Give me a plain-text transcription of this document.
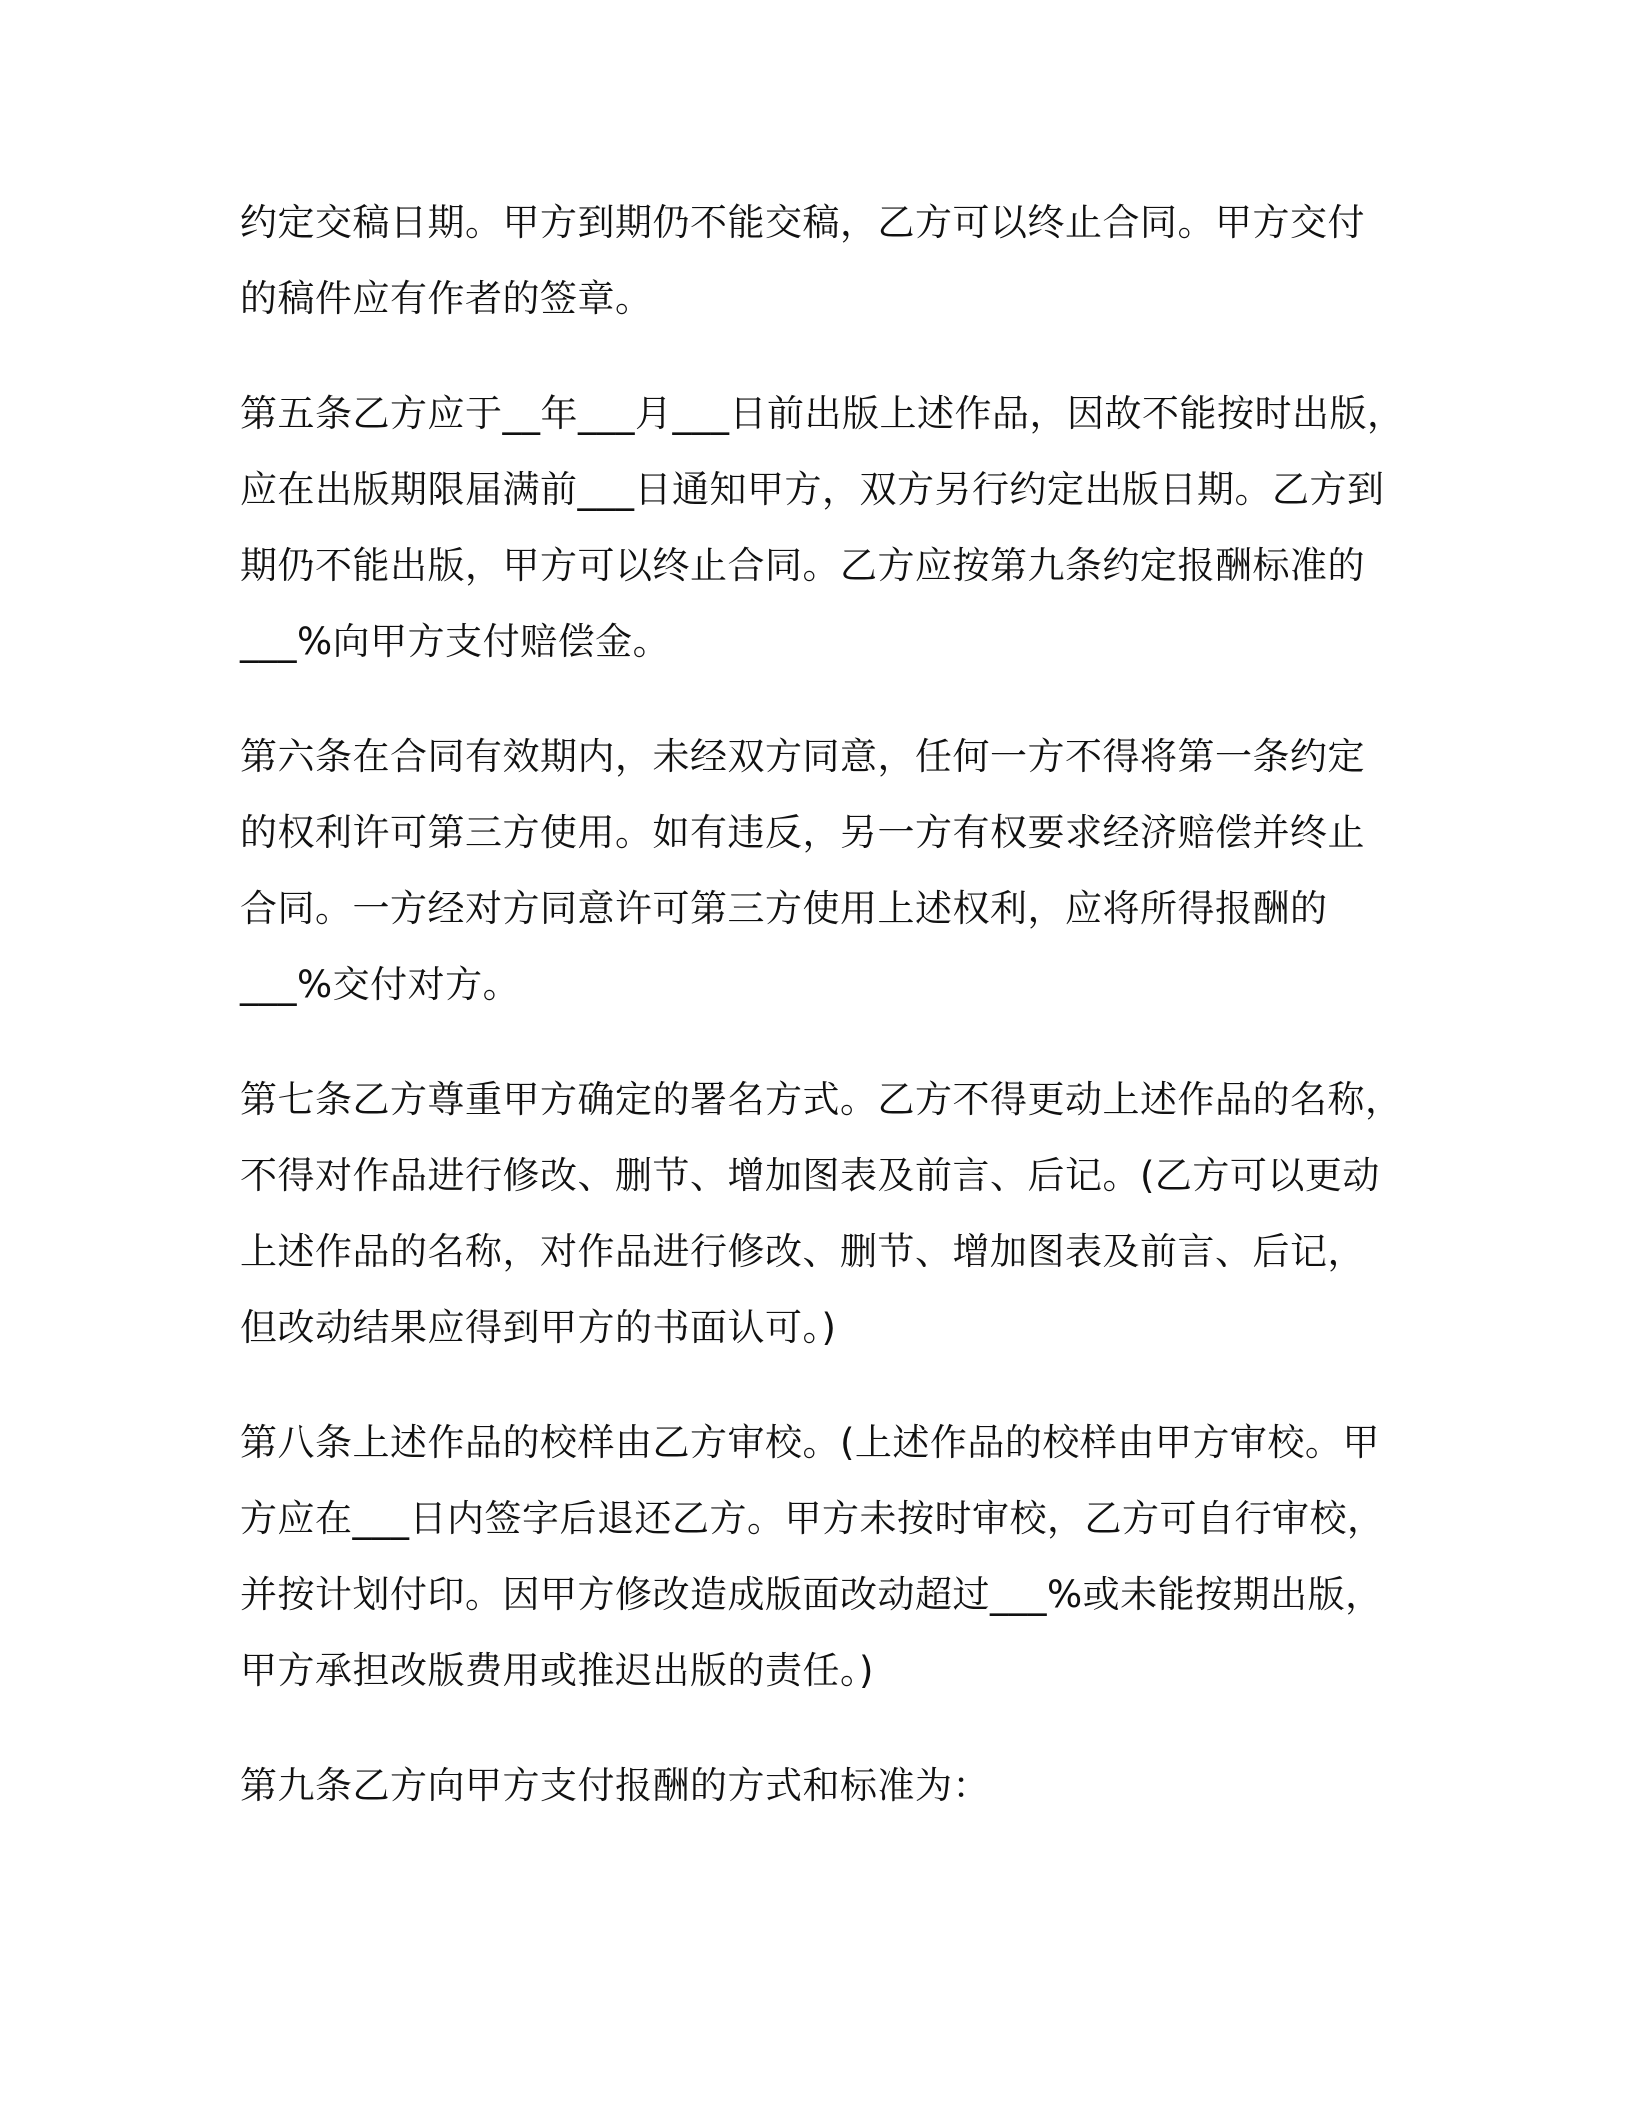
约定交稿日期。甲方到期仍不能交稿，乙方可以终止合同。甲方交付
的稿件应有作者的签章。

第五条乙方应于__年___月___日前出版上述作品，因故不能按时出版，
应在出版期限届满前___日通知甲方，双方另行约定出版日期。乙方到
期仍不能出版，甲方可以终止合同。乙方应按第九条约定报酬标准的
___%向甲方支付赔偿金。

第六条在合同有效期内，未经双方同意，任何一方不得将第一条约定
的权利许可第三方使用。如有违反，另一方有权要求经济赔偿并终止
合同。一方经对方同意许可第三方使用上述权利，应将所得报酬的
___%交付对方。

第七条乙方尊重甲方确定的署名方式。乙方不得更动上述作品的名称，
不得对作品进行修改、删节、增加图表及前言、后记。(乙方可以更动
上述作品的名称，对作品进行修改、删节、增加图表及前言、后记，
但改动结果应得到甲方的书面认可。)

第八条上述作品的校样由乙方审校。(上述作品的校样由甲方审校。甲
方应在___日内签字后退还乙方。甲方未按时审校，乙方可自行审校，
并按计划付印。因甲方修改造成版面改动超过___%或未能按期出版，
甲方承担改版费用或推迟出版的责任。)

第九条乙方向甲方支付报酬的方式和标准为：
